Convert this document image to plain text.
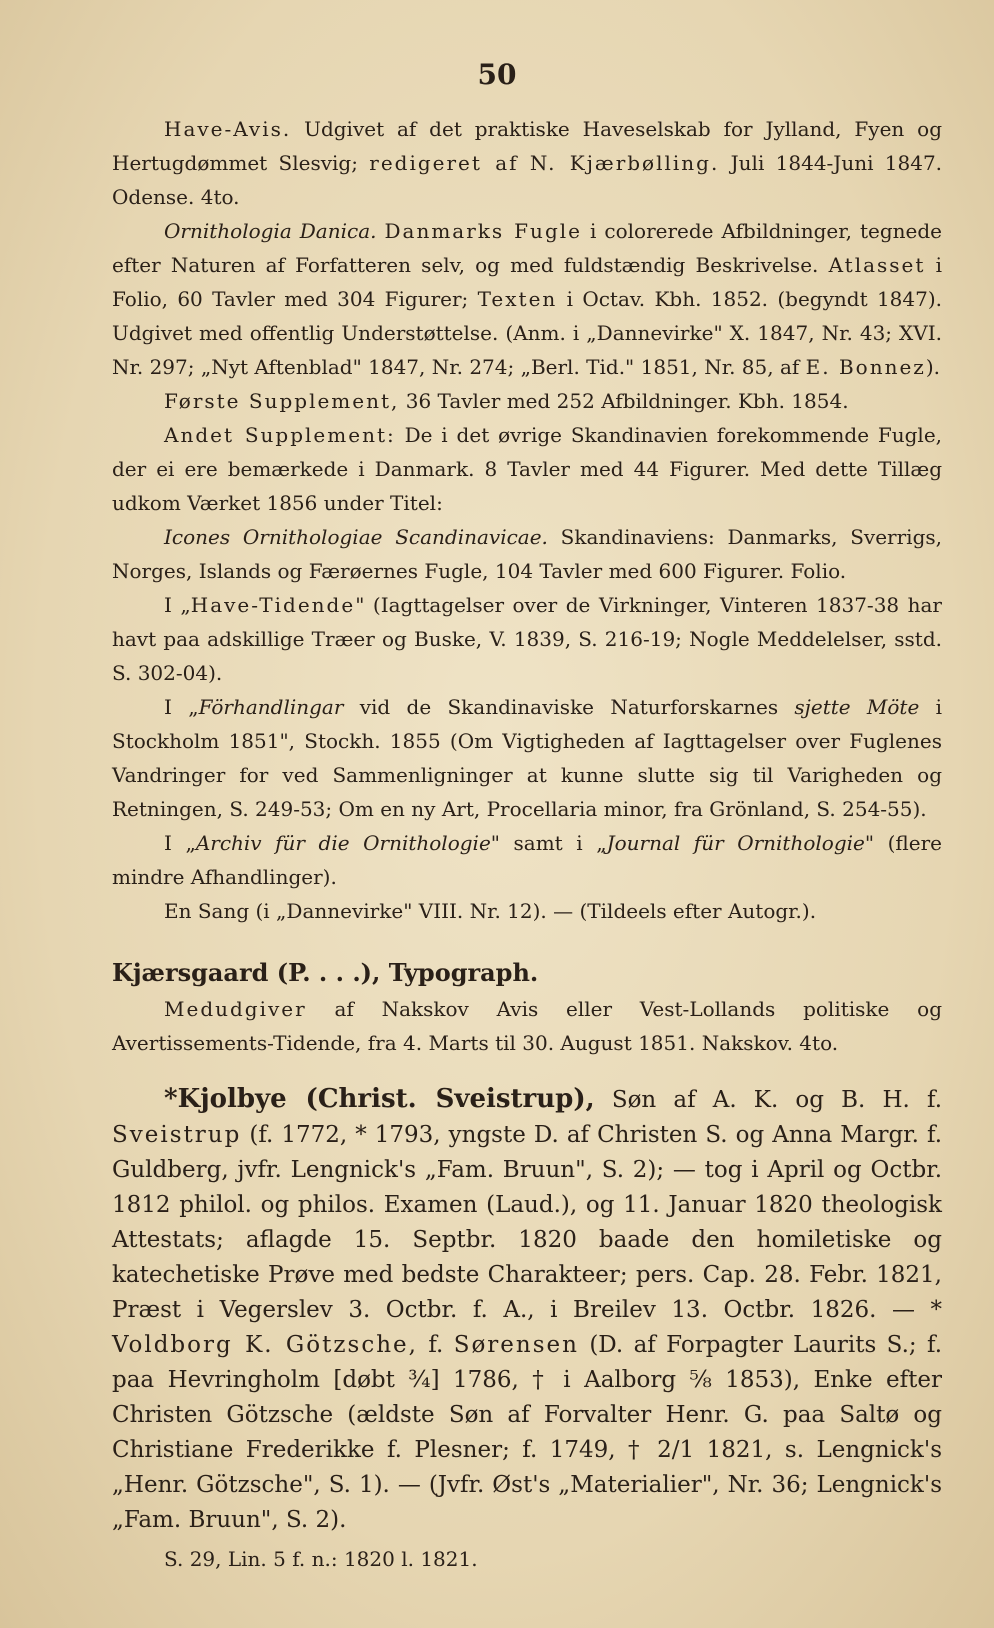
50

Have-Avis. Udgivet af det praktiske Haveselskab for Jylland, Fyen og Hertugdømmet Slesvig; redigeret af N. Kjærbølling. Juli 1844-Juni 1847. Odense. 4to.

Ornithologia Danica. Danmarks Fugle i colorerede Afbildninger, tegnede efter Naturen af Forfatteren selv, og med fuldstændig Beskrivelse. Atlasset i Folio, 60 Tavler med 304 Figurer; Texten i Octav. Kbh. 1852. (begyndt 1847). Udgivet med offentlig Understøttelse. (Anm. i „Dannevirke" X. 1847, Nr. 43; XVI. Nr. 297; „Nyt Aftenblad" 1847, Nr. 274; „Berl. Tid." 1851, Nr. 85, af E. Bonnez).

Første Supplement, 36 Tavler med 252 Afbildninger. Kbh. 1854.

Andet Supplement: De i det øvrige Skandinavien forekommende Fugle, der ei ere bemærkede i Danmark. 8 Tavler med 44 Figurer. Med dette Tillæg udkom Værket 1856 under Titel:

Icones Ornithologiae Scandinavicae. Skandinaviens: Danmarks, Sverrigs, Norges, Islands og Færøernes Fugle, 104 Tavler med 600 Figurer. Folio.

I „Have-Tidende" (Iagttagelser over de Virkninger, Vinteren 1837-38 har havt paa adskillige Træer og Buske, V. 1839, S. 216-19; Nogle Meddelelser, sstd. S. 302-04).

I „Förhandlingar vid de Skandinaviske Naturforskarnes sjette Möte i Stockholm 1851", Stockh. 1855 (Om Vigtigheden af Iagttagelser over Fuglenes Vandringer for ved Sammenligninger at kunne slutte sig til Varigheden og Retningen, S. 249-53; Om en ny Art, Procellaria minor, fra Grönland, S. 254-55).

I „Archiv für die Ornithologie" samt i „Journal für Ornithologie" (flere mindre Afhandlinger).

En Sang (i „Dannevirke" VIII. Nr. 12). — (Tildeels efter Autogr.).

Kjærsgaard (P. . . .), Typograph.

Medudgiver af Nakskov Avis eller Vest-Lollands politiske og Avertissements-Tidende, fra 4. Marts til 30. August 1851. Nakskov. 4to.

*Kjolbye (Christ. Sveistrup), Søn af A. K. og B. H. f. Sveistrup (f. 1772, * 1793, yngste D. af Christen S. og Anna Margr. f. Guldberg, jvfr. Lengnick's „Fam. Bruun", S. 2); — tog i April og Octbr. 1812 philol. og philos. Examen (Laud.), og 11. Januar 1820 theologisk Attestats; aflagde 15. Septbr. 1820 baade den homiletiske og katechetiske Prøve med bedste Charakteer; pers. Cap. 28. Febr. 1821, Præst i Vegerslev 3. Octbr. f. A., i Breilev 13. Octbr. 1826. — * Voldborg K. Götzsche, f. Sørensen (D. af Forpagter Laurits S.; f. paa Hevringholm [døbt ¾] 1786, † i Aalborg ⅝ 1853), Enke efter Christen Götzsche (ældste Søn af Forvalter Henr. G. paa Saltø og Christiane Frederikke f. Plesner; f. 1749, † 2/1 1821, s. Lengnick's „Henr. Götzsche", S. 1). — (Jvfr. Øst's „Materialier", Nr. 36; Lengnick's „Fam. Bruun", S. 2).

S. 29, Lin. 5 f. n.: 1820 l. 1821.
